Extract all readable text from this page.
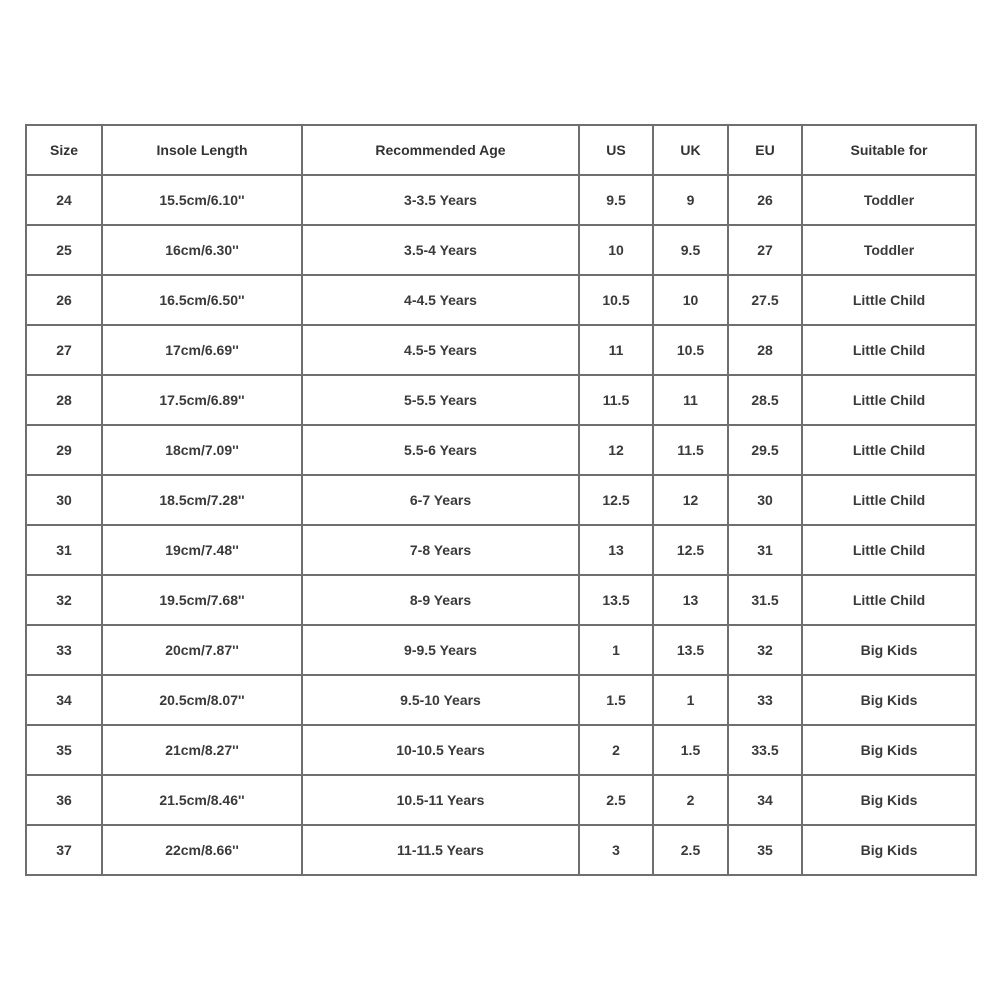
Size	Insole Length	Recommended Age	US	UK	EU	Suitable for
24	15.5cm/6.10''	3-3.5 Years	9.5	9	26	Toddler
25	16cm/6.30''	3.5-4 Years	10	9.5	27	Toddler
26	16.5cm/6.50''	4-4.5 Years	10.5	10	27.5	Little Child
27	17cm/6.69''	4.5-5 Years	11	10.5	28	Little Child
28	17.5cm/6.89''	5-5.5 Years	11.5	11	28.5	Little Child
29	18cm/7.09''	5.5-6 Years	12	11.5	29.5	Little Child
30	18.5cm/7.28''	6-7 Years	12.5	12	30	Little Child
31	19cm/7.48''	7-8 Years	13	12.5	31	Little Child
32	19.5cm/7.68''	8-9 Years	13.5	13	31.5	Little Child
33	20cm/7.87''	9-9.5 Years	1	13.5	32	Big Kids
34	20.5cm/8.07''	9.5-10 Years	1.5	1	33	Big Kids
35	21cm/8.27''	10-10.5 Years	2	1.5	33.5	Big Kids
36	21.5cm/8.46''	10.5-11 Years	2.5	2	34	Big Kids
37	22cm/8.66''	11-11.5 Years	3	2.5	35	Big Kids
